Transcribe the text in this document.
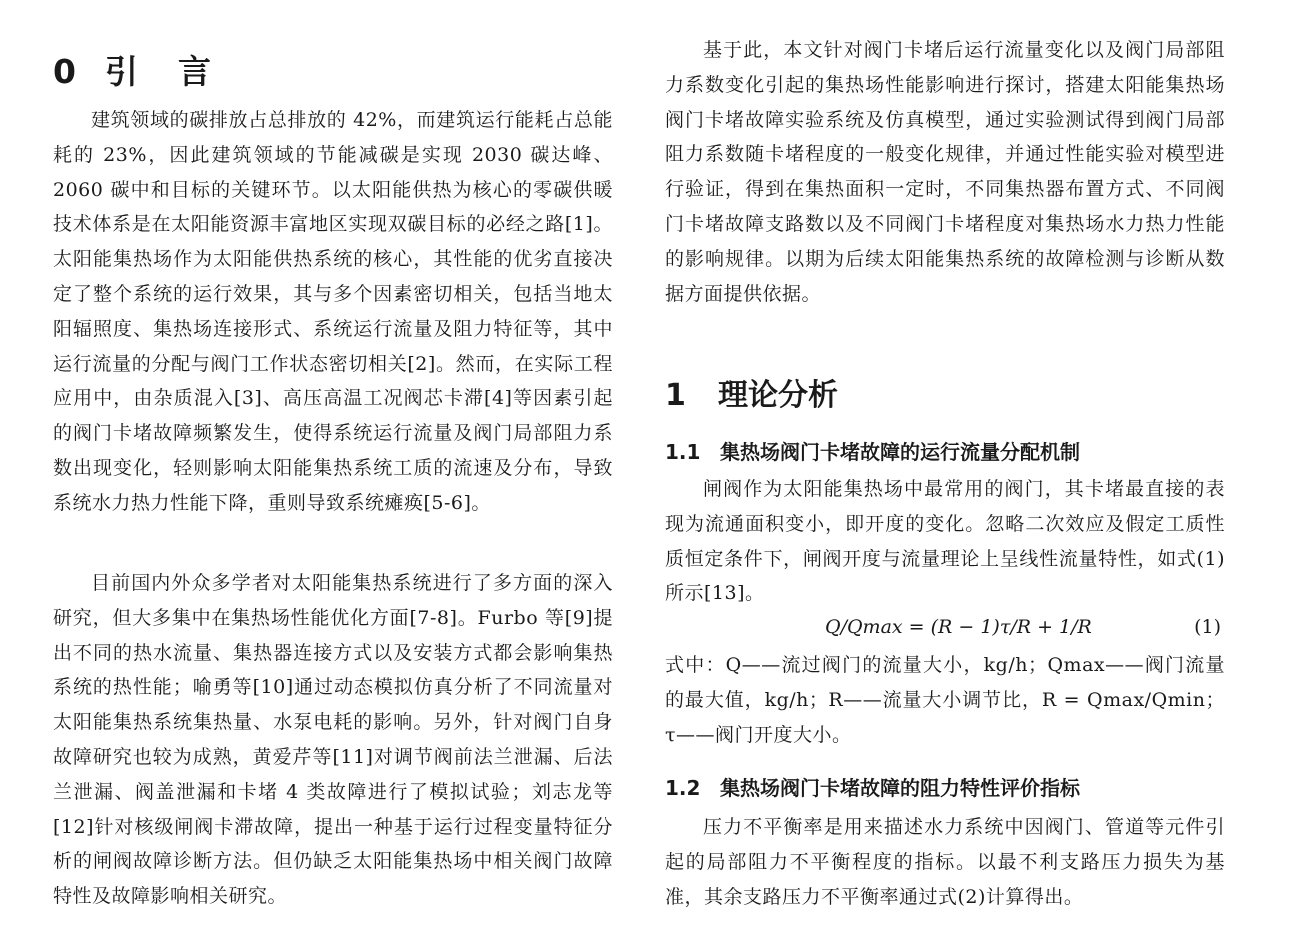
0 引言

建筑领域的碳排放占总排放的 42%，而建筑运行能耗占总能耗的 23%，因此建筑领域的节能减碳是实现 2030 碳达峰、2060 碳中和目标的关键环节。以太阳能供热为核心的零碳供暖技术体系是在太阳能资源丰富地区实现双碳目标的必经之路[1]。太阳能集热场作为太阳能供热系统的核心，其性能的优劣直接决定了整个系统的运行效果，其与多个因素密切相关，包括当地太阳辐照度、集热场连接形式、系统运行流量及阻力特征等，其中运行流量的分配与阀门工作状态密切相关[2]。然而，在实际工程应用中，由杂质混入[3]、高压高温工况阀芯卡滞[4]等因素引起的阀门卡堵故障频繁发生，使得系统运行流量及阀门局部阻力系数出现变化，轻则影响太阳能集热系统工质的流速及分布，导致系统水力热力性能下降，重则导致系统瘫痪[5-6]。

目前国内外众多学者对太阳能集热系统进行了多方面的深入研究，但大多集中在集热场性能优化方面[7-8]。Furbo 等[9]提出不同的热水流量、集热器连接方式以及安装方式都会影响集热系统的热性能；喻勇等[10]通过动态模拟仿真分析了不同流量对太阳能集热系统集热量、水泵电耗的影响。另外，针对阀门自身故障研究也较为成熟，黄爱芹等[11]对调节阀前法兰泄漏、后法兰泄漏、阀盖泄漏和卡堵 4 类故障进行了模拟试验；刘志龙等[12]针对核级闸阀卡滞故障，提出一种基于运行过程变量特征分析的闸阀故障诊断方法。但仍缺乏太阳能集热场中相关阀门故障特性及故障影响相关研究。

基于此，本文针对阀门卡堵后运行流量变化以及阀门局部阻力系数变化引起的集热场性能影响进行探讨，搭建太阳能集热场阀门卡堵故障实验系统及仿真模型，通过实验测试得到阀门局部阻力系数随卡堵程度的一般变化规律，并通过性能实验对模型进行验证，得到在集热面积一定时，不同集热器布置方式、不同阀门卡堵故障支路数以及不同阀门卡堵程度对集热场水力热力性能的影响规律。以期为后续太阳能集热系统的故障检测与诊断从数据方面提供依据。

1 理论分析
1.1 集热场阀门卡堵故障的运行流量分配机制

闸阀作为太阳能集热场中最常用的阀门，其卡堵最直接的表现为流通面积变小，即开度的变化。忽略二次效应及假定工质性质恒定条件下，闸阀开度与流量理论上呈线性流量特性，如式(1)所示[13]。

Q/Qmax = (R − 1)τ/R + 1/R	(1)

式中：Q——流过阀门的流量大小，kg/h；Qmax——阀门流量的最大值，kg/h；R——流量大小调节比，R = Qmax/Qmin；τ——阀门开度大小。

1.2 集热场阀门卡堵故障的阻力特性评价指标

压力不平衡率是用来描述水力系统中因阀门、管道等元件引起的局部阻力不平衡程度的指标。以最不利支路压力损失为基准，其余支路压力不平衡率通过式(2)计算得出。
